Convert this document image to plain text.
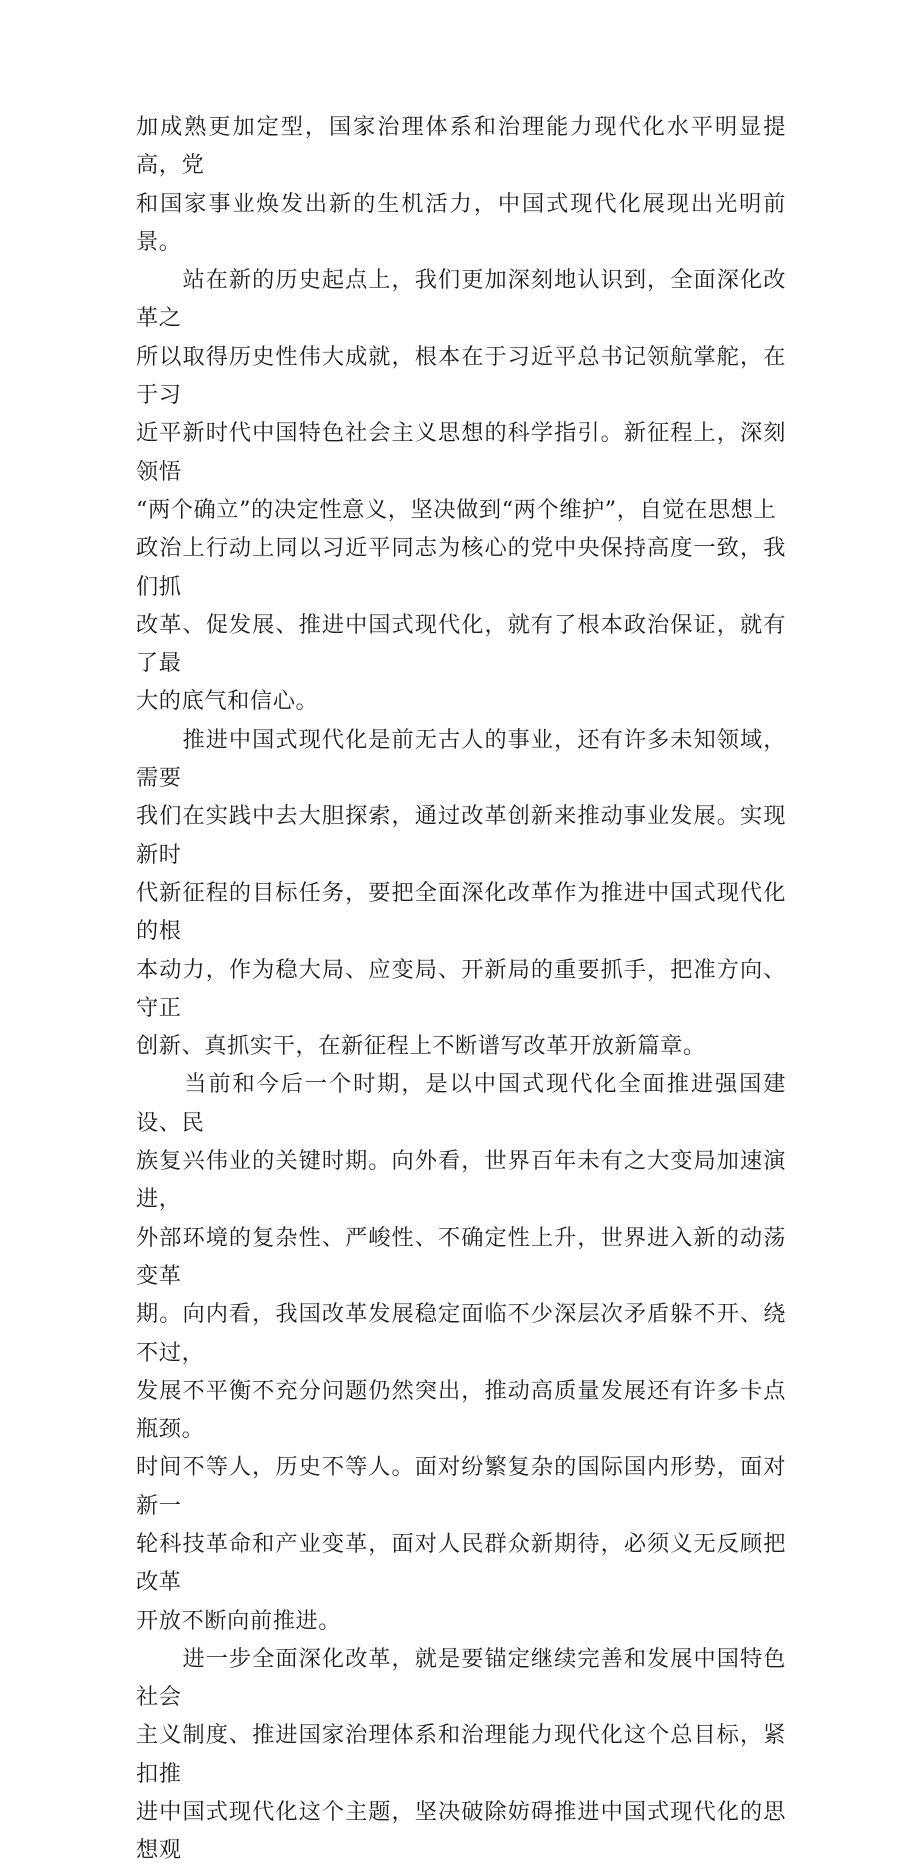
加成熟更加定型，国家治理体系和治理能力现代化水平明显提高，党
和国家事业焕发出新的生机活力，中国式现代化展现出光明前景。

　　站在新的历史起点上，我们更加深刻地认识到，全面深化改革之
所以取得历史性伟大成就，根本在于习近平总书记领航掌舵，在于习
近平新时代中国特色社会主义思想的科学指引。新征程上，深刻领悟
“两个确立”的决定性意义，坚决做到“两个维护”，自觉在思想上
政治上行动上同以习近平同志为核心的党中央保持高度一致，我们抓
改革、促发展、推进中国式现代化，就有了根本政治保证，就有了最
大的底气和信心。

　　推进中国式现代化是前无古人的事业，还有许多未知领域，需要
我们在实践中去大胆探索，通过改革创新来推动事业发展。实现新时
代新征程的目标任务，要把全面深化改革作为推进中国式现代化的根
本动力，作为稳大局、应变局、开新局的重要抓手，把准方向、守正
创新、真抓实干，在新征程上不断谱写改革开放新篇章。

　　当前和今后一个时期，是以中国式现代化全面推进强国建设、民
族复兴伟业的关键时期。向外看，世界百年未有之大变局加速演进，
外部环境的复杂性、严峻性、不确定性上升，世界进入新的动荡变革
期。向内看，我国改革发展稳定面临不少深层次矛盾躲不开、绕不过，
发展不平衡不充分问题仍然突出，推动高质量发展还有许多卡点瓶颈。
时间不等人，历史不等人。面对纷繁复杂的国际国内形势，面对新一
轮科技革命和产业变革，面对人民群众新期待，必须义无反顾把改革
开放不断向前推进。

　　进一步全面深化改革，就是要锚定继续完善和发展中国特色社会
主义制度、推进国家治理体系和治理能力现代化这个总目标，紧扣推
进中国式现代化这个主题，坚决破除妨碍推进中国式现代化的思想观
